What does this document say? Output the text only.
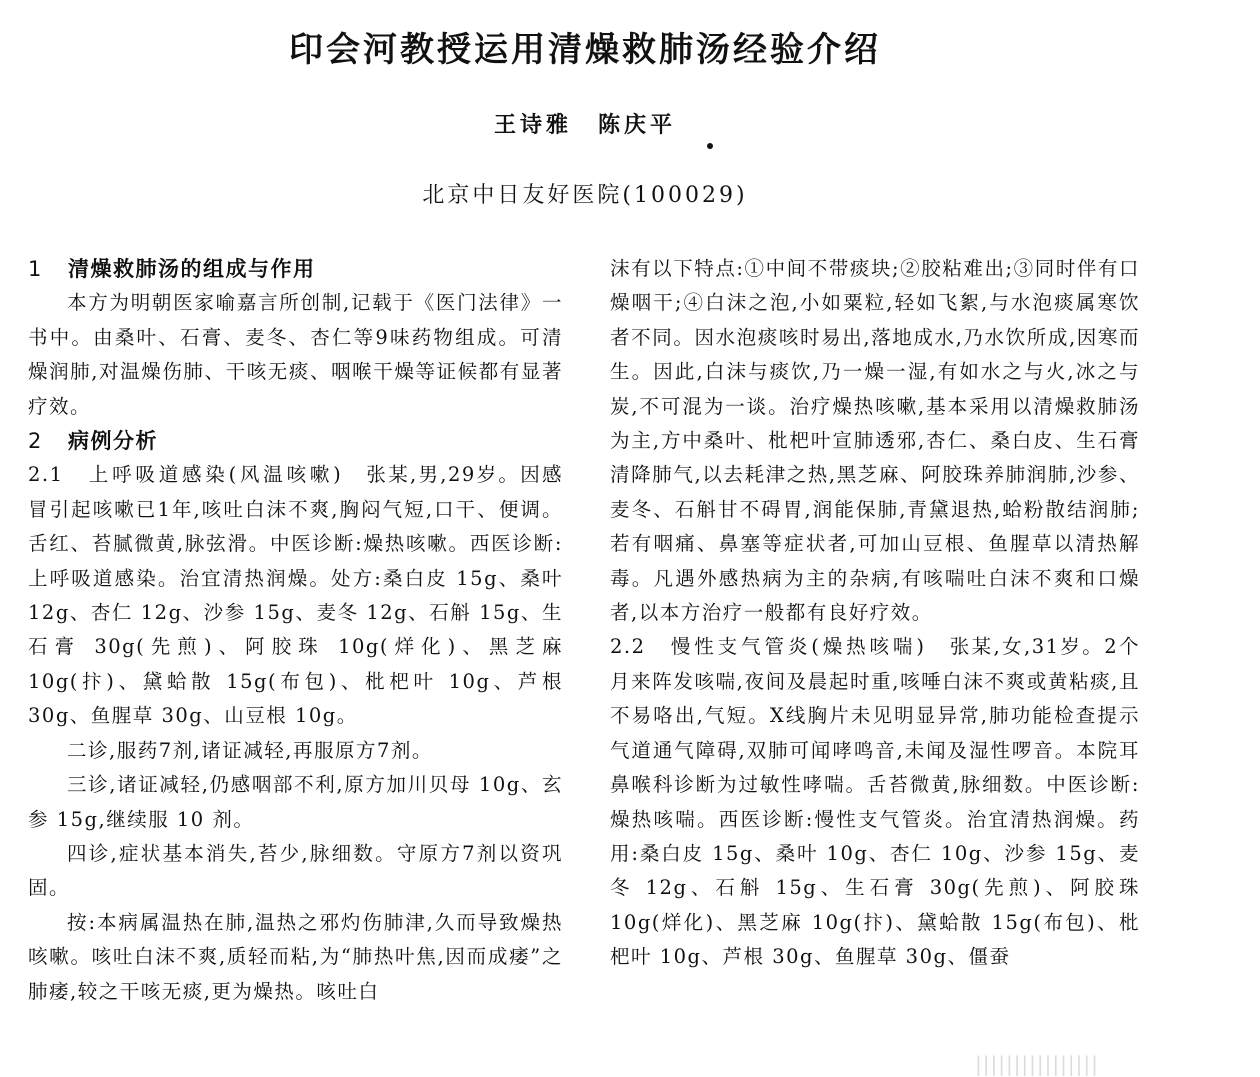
印会河教授运用清燥救肺汤经验介绍
王诗雅　陈庆平
北京中日友好医院(100029)

1 清燥救肺汤的组成与作用

本方为明朝医家喻嘉言所创制,记载于《医门法律》一书中。由桑叶、石膏、麦冬、杏仁等9味药物组成。可清燥润肺,对温燥伤肺、干咳无痰、咽喉干燥等证候都有显著疗效。

2 病例分析

2.1 上呼吸道感染(风温咳嗽)　 张某,男,29岁。因感冒引起咳嗽已1年,咳吐白沫不爽,胸闷气短,口干、便调。舌红、苔腻微黄,脉弦滑。中医诊断:燥热咳嗽。西医诊断:上呼吸道感染。治宜清热润燥。处方:桑白皮 15g、桑叶 12g、杏仁 12g、沙参 15g、麦冬 12g、石斛 15g、生石膏 30g(先煎)、阿胶珠 10g(烊化)、黑芝麻 10g(抃)、黛蛤散 15g(布包)、枇杷叶 10g、芦根 30g、鱼腥草 30g、山豆根 10g。

二诊,服药7剂,诸证减轻,再服原方7剂。

三诊,诸证减轻,仍感咽部不利,原方加川贝母 10g、玄参 15g,继续服 10 剂。

四诊,症状基本消失,苔少,脉细数。守原方7剂以资巩固。

按:本病属温热在肺,温热之邪灼伤肺津,久而导致燥热咳嗽。咳吐白沫不爽,质轻而粘,为“肺热叶焦,因而成痿”之肺痿,较之干咳无痰,更为燥热。咳吐白

沫有以下特点:①中间不带痰块;②胶粘难出;③同时伴有口燥咽干;④白沫之泡,小如粟粒,轻如飞絮,与水泡痰属寒饮者不同。因水泡痰咳时易出,落地成水,乃水饮所成,因寒而生。因此,白沫与痰饮,乃一燥一湿,有如水之与火,冰之与炭,不可混为一谈。治疗燥热咳嗽,基本采用以清燥救肺汤为主,方中桑叶、枇杷叶宣肺透邪,杏仁、桑白皮、生石膏清降肺气,以去耗津之热,黑芝麻、阿胶珠养肺润肺,沙参、麦冬、石斛甘不碍胃,润能保肺,青黛退热,蛤粉散结润肺;若有咽痛、鼻塞等症状者,可加山豆根、鱼腥草以清热解毒。凡遇外感热病为主的杂病,有咳喘吐白沫不爽和口燥者,以本方治疗一般都有良好疗效。

2.2 慢性支气管炎(燥热咳喘)　 张某,女,31岁。2个月来阵发咳喘,夜间及晨起时重,咳唾白沫不爽或黄粘痰,且不易咯出,气短。X线胸片未见明显异常,肺功能检查提示气道通气障碍,双肺可闻哮鸣音,未闻及湿性啰音。本院耳鼻喉科诊断为过敏性哮喘。舌苔微黄,脉细数。中医诊断:燥热咳喘。西医诊断:慢性支气管炎。治宜清热润燥。药用:桑白皮 15g、桑叶 10g、杏仁 10g、沙参 15g、麦冬 12g、石斛 15g、生石膏 30g(先煎)、阿胶珠 10g(烊化)、黑芝麻 10g(抃)、黛蛤散 15g(布包)、枇杷叶 10g、芦根 30g、鱼腥草 30g、僵蚕

||||||||||||||||
